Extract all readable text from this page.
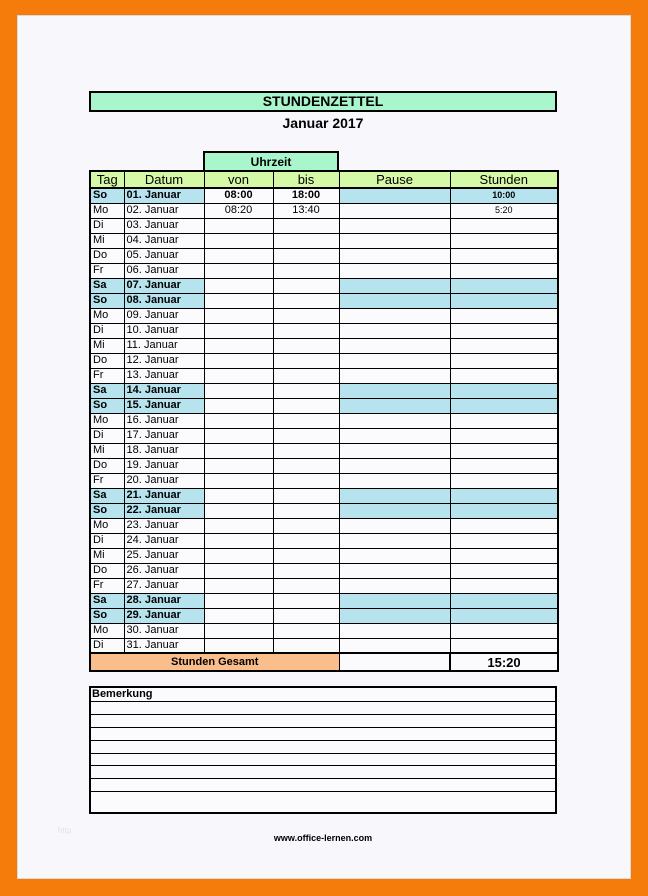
STUNDENZETTEL
Januar 2017
Uhrzeit
Tag	Datum	von	bis	Pause	Stunden
So	01. Januar	08:00	18:00		10:00
Mo	02. Januar	08:20	13:40		5:20
Di	03. Januar				
Mi	04. Januar				
Do	05. Januar				
Fr	06. Januar				
Sa	07. Januar				
So	08. Januar				
Mo	09. Januar				
Di	10. Januar				
Mi	11. Januar				
Do	12. Januar				
Fr	13. Januar				
Sa	14. Januar				
So	15. Januar				
Mo	16. Januar				
Di	17. Januar				
Mi	18. Januar				
Do	19. Januar				
Fr	20. Januar				
Sa	21. Januar				
So	22. Januar				
Mo	23. Januar				
Di	24. Januar				
Mi	25. Januar				
Do	26. Januar				
Fr	27. Januar				
Sa	28. Januar				
So	29. Januar				
Mo	30. Januar				
Di	31. Januar				
Stunden Gesamt					15:20
Bemerkung
www.office-lernen.com
http
